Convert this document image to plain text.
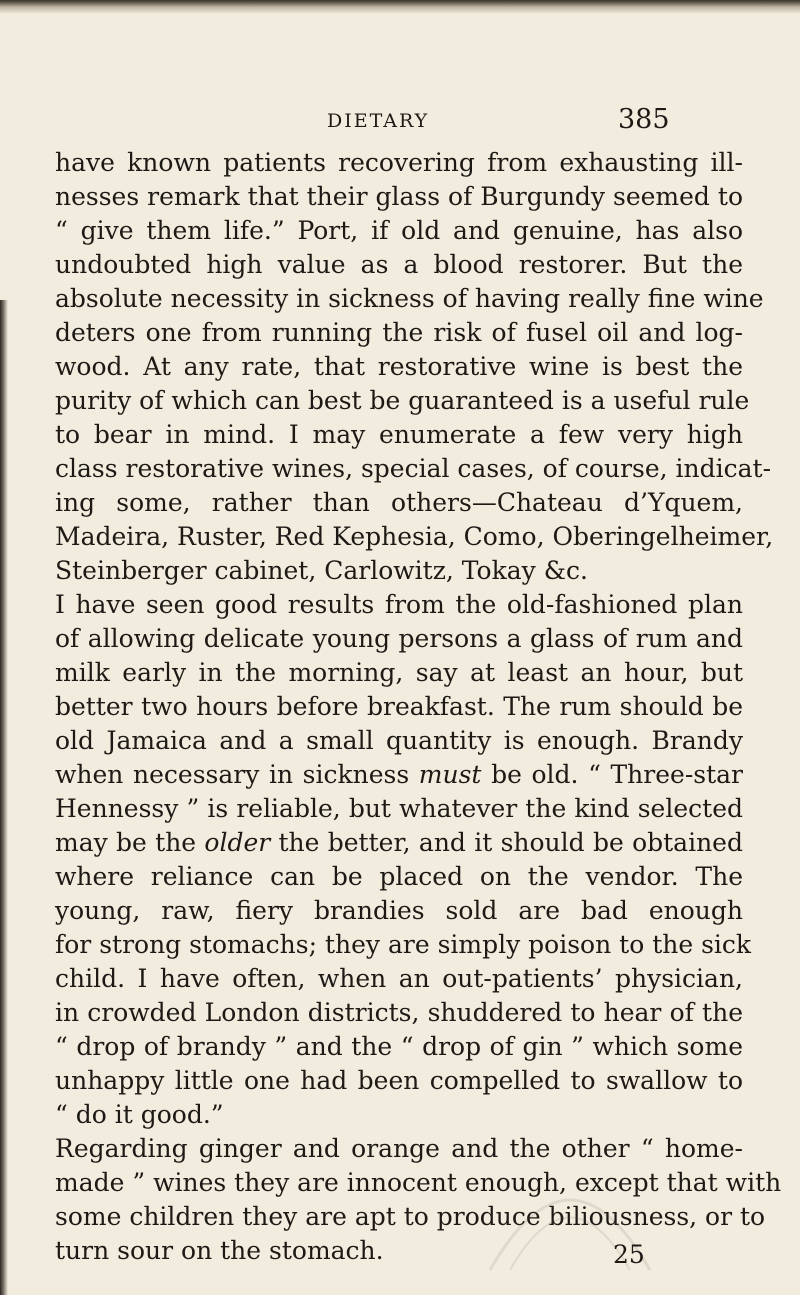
DIETARY	385
have known patients recovering from exhausting ill-
nesses remark that their glass of Burgundy seemed to
“ give them life.” Port, if old and genuine, has also
undoubted high value as a blood restorer. But the
absolute necessity in sickness of having really fine wine
deters one from running the risk of fusel oil and log-
wood. At any rate, that restorative wine is best the
purity of which can best be guaranteed is a useful rule
to bear in mind. I may enumerate a few very high
class restorative wines, special cases, of course, indicat-
ing some, rather than others—Chateau d’Yquem,
Madeira, Ruster, Red Kephesia, Como, Oberingelheimer,
Steinberger cabinet, Carlowitz, Tokay &c.
I have seen good results from the old-fashioned plan
of allowing delicate young persons a glass of rum and
milk early in the morning, say at least an hour, but
better two hours before breakfast. The rum should be
old Jamaica and a small quantity is enough. Brandy
when necessary in sickness must be old. “ Three-star
Hennessy ” is reliable, but whatever the kind selected
may be the older the better, and it should be obtained
where reliance can be placed on the vendor. The
young, raw, fiery brandies sold are bad enough
for strong stomachs; they are simply poison to the sick
child. I have often, when an out-patients’ physician,
in crowded London districts, shuddered to hear of the
“ drop of brandy ” and the “ drop of gin ” which some
unhappy little one had been compelled to swallow to
“ do it good.”
Regarding ginger and orange and the other “ home-
made ” wines they are innocent enough, except that with
some children they are apt to produce biliousness, or to
turn sour on the stomach.	25
